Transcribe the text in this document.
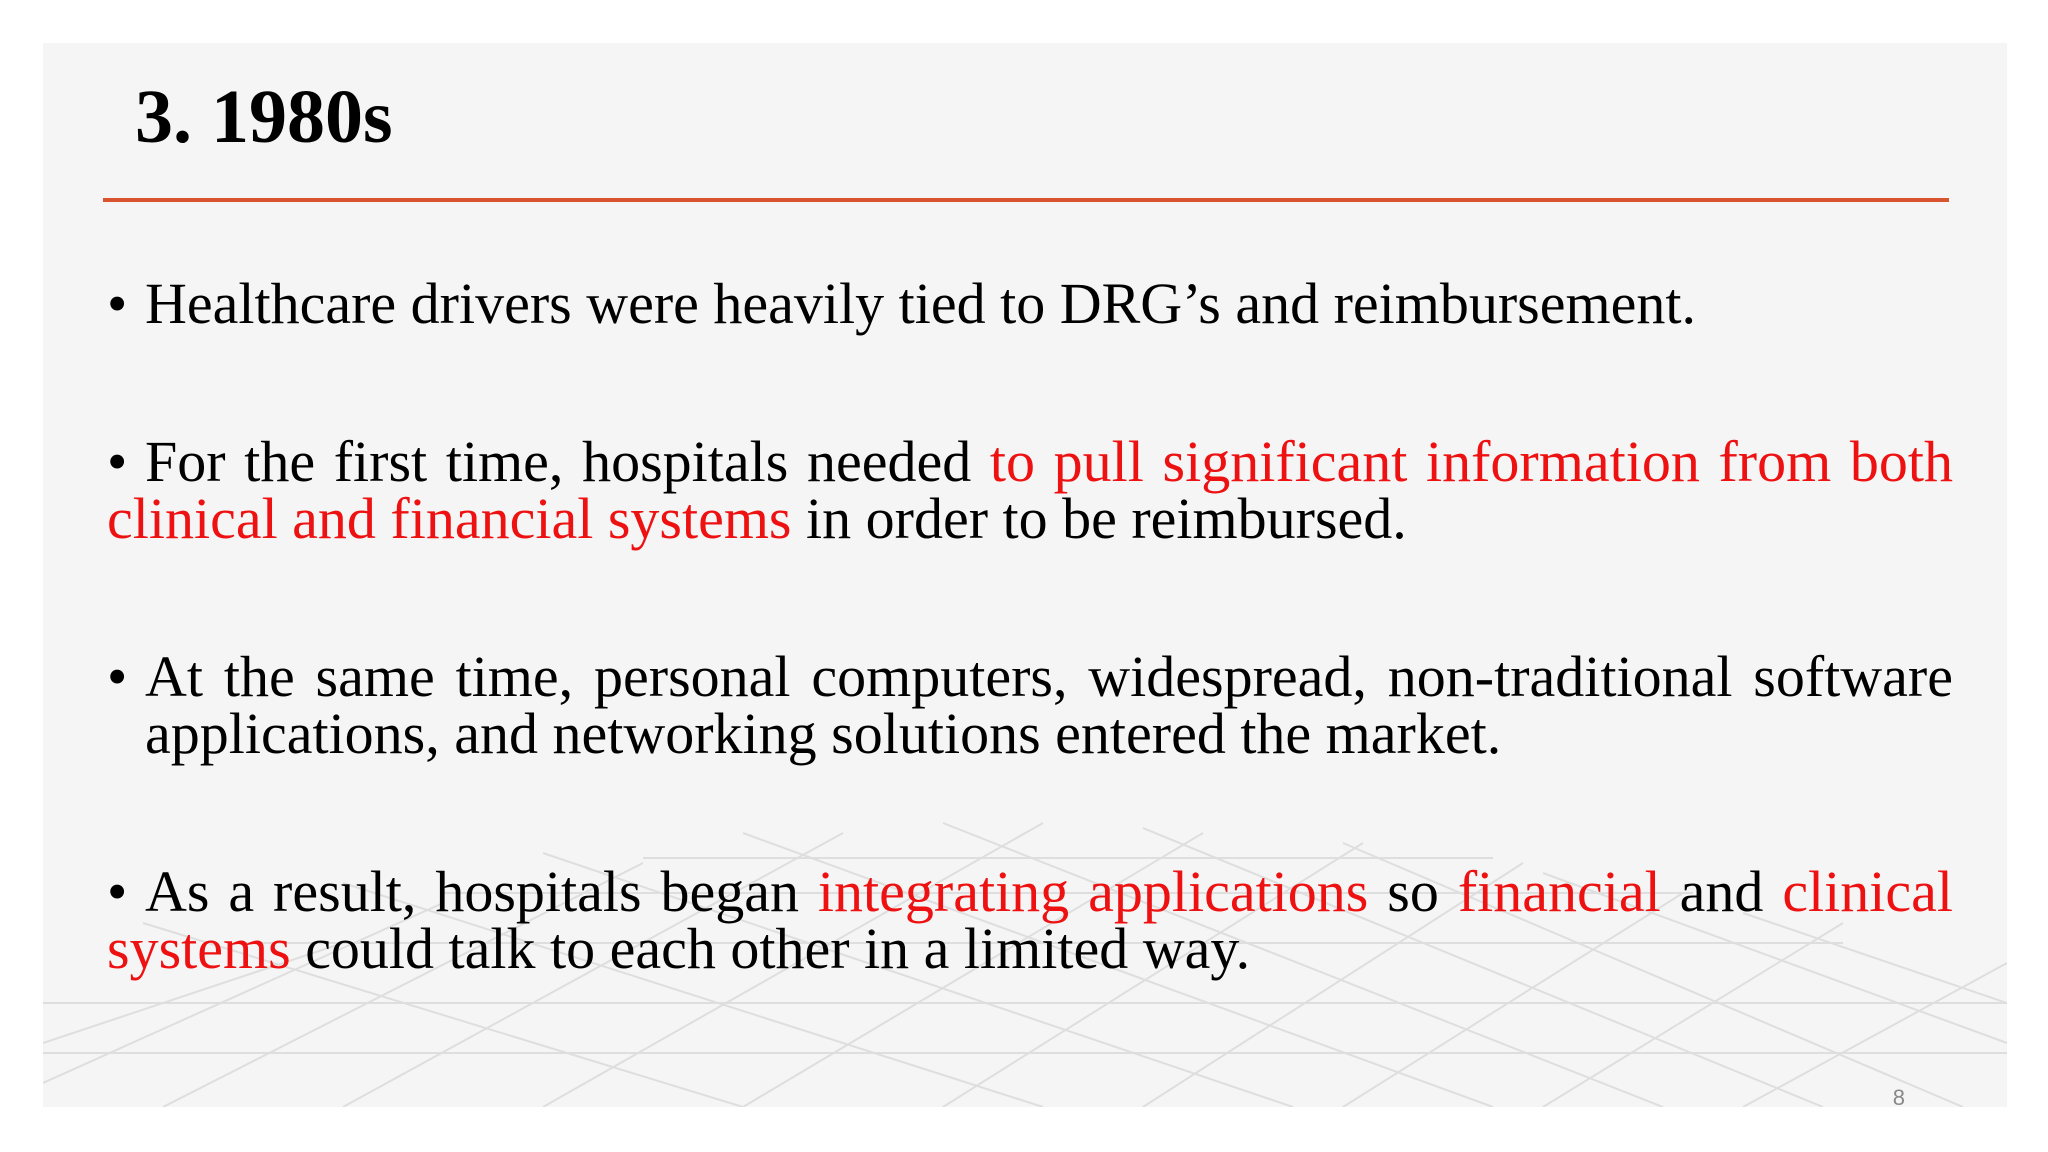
3. 1980s

• Healthcare drivers were heavily tied to DRG’s and reimbursement.

• For the first time, hospitals needed to pull significant information from both clinical and financial systems in order to be reimbursed.

• At the same time, personal computers, widespread, non-traditional software applications, and networking solutions entered the market.

• As a result, hospitals began integrating applications so financial and clinical systems could talk to each other in a limited way.

8
